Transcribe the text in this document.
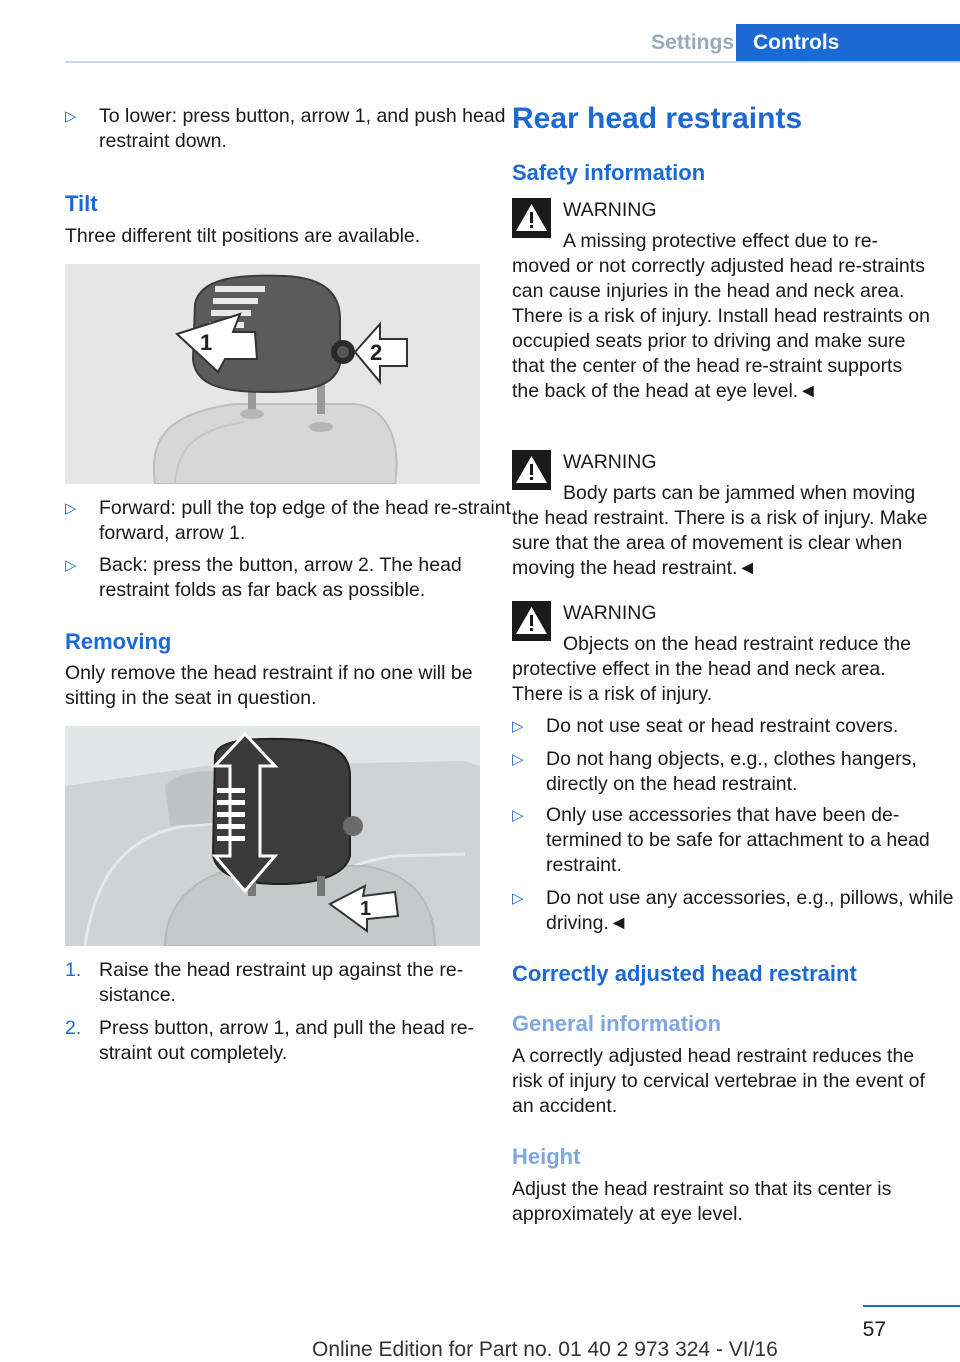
Settings Controls
▷ To lower: press button, arrow 1, and push head restraint down.
Tilt
Three different tilt positions are available.
1	2
▷ Forward: pull the top edge of the head re‐straint forward, arrow 1.
▷ Back: press the button, arrow 2. The head restraint folds as far back as possible.
Removing
Only remove the head restraint if no one will be sitting in the seat in question.
1
1. Raise the head restraint up against the re‐sistance.
2. Press button, arrow 1, and pull the head re‐straint out completely.
Rear head restraints
Safety information

WARNING

A missing protective effect due to re‐

moved or not correctly adjusted head re‐straints can cause injuries in the head and neck area. There is a risk of injury. Install head restraints on occupied seats prior to driving and make sure that the center of the head re‐straint supports the back of the head at eye level.◄

WARNING

Body parts can be jammed when moving

the head restraint. There is a risk of injury. Make sure that the area of movement is clear when moving the head restraint.◄

WARNING

Objects on the head restraint reduce the

protective effect in the head and neck area. There is a risk of injury.

▷ Do not use seat or head restraint covers.
▷ Do not hang objects, e.g., clothes hangers, directly on the head restraint.
▷ Only use accessories that have been de‐termined to be safe for attachment to a head restraint.
▷ Do not use any accessories, e.g., pillows, while driving.◄
Correctly adjusted head restraint
General information
A correctly adjusted head restraint reduces the risk of injury to cervical vertebrae in the event of an accident.
Height
Adjust the head restraint so that its center is approximately at eye level.
57
Online Edition for Part no. 01 40 2 973 324 - VI/16
